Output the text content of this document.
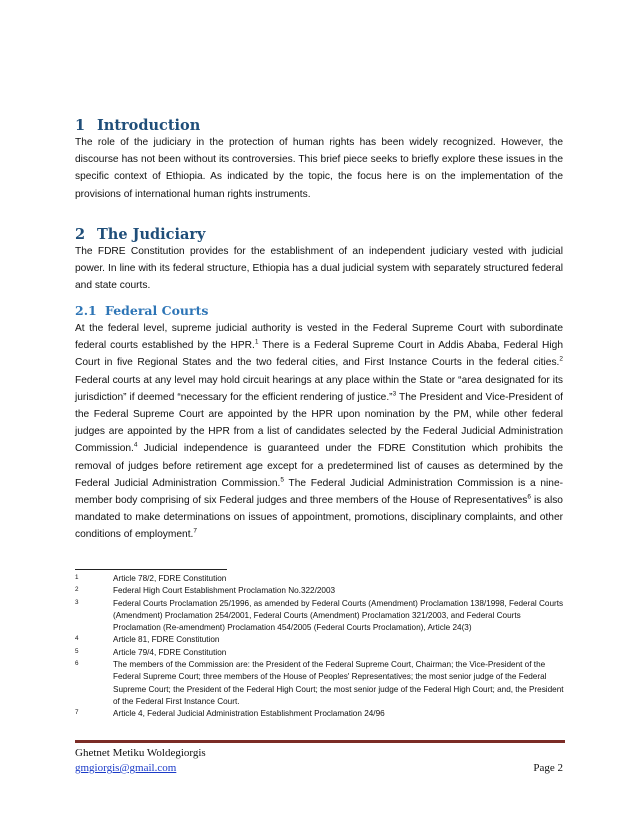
1 Introduction

The role of the judiciary in the protection of human rights has been widely recognized. However, the discourse has not been without its controversies. This brief piece seeks to briefly explore these issues in the specific context of Ethiopia. As indicated by the topic, the focus here is on the implementation of the provisions of international human rights instruments.

2 The Judiciary

The FDRE Constitution provides for the establishment of an independent judiciary vested with judicial power. In line with its federal structure, Ethiopia has a dual judicial system with separately structured federal and state courts.

2.1 Federal Courts

At the federal level, supreme judicial authority is vested in the Federal Supreme Court with subordinate federal courts established by the HPR.$^1$ There is a Federal Supreme Court in Addis Ababa, Federal High Court in five Regional States and the two federal cities, and First Instance Courts in the federal cities.$^2$ Federal courts at any level may hold circuit hearings at any place within the State or “area designated for its jurisdiction” if deemed “necessary for the efficient rendering of justice.”$^3$ The President and Vice-President of the Federal Supreme Court are appointed by the HPR upon nomination by the PM, while other federal judges are appointed by the HPR from a list of candidates selected by the Federal Judicial Administration Commission.$^4$ Judicial independence is guaranteed under the FDRE Constitution which prohibits the removal of judges before retirement age except for a predetermined list of causes as determined by the Federal Judicial Administration Commission.$^5$ The Federal Judicial Administration Commission is a nine-member body comprising of six Federal judges and three members of the House of Representatives$^6$ is also mandated to make determinations on issues of appointment, promotions, disciplinary complaints, and other conditions of employment.$^7$

1	Article 78/2, FDRE Constitution
2	Federal High Court Establishment Proclamation No.322/2003
3	Federal Courts Proclamation 25/1996, as amended by Federal Courts (Amendment) Proclamation 138/1998, Federal Courts (Amendment) Proclamation 254/2001, Federal Courts (Amendment) Proclamation 321/2003, and Federal Courts Proclamation (Re-amendment) Proclamation 454/2005 (Federal Courts Proclamation), Article 24(3)
4	Article 81, FDRE Constitution
5	Article 79/4, FDRE Constitution
6	The members of the Commission are: the President of the Federal Supreme Court, Chairman; the Vice-President of the Federal Supreme Court; three members of the House of Peoples' Representatives; the most senior judge of the Federal Supreme Court; the President of the Federal High Court; the most senior judge of the Federal High Court; and, the President of the Federal First Instance Court.
7	Article 4, Federal Judicial Administration Establishment Proclamation 24/96
Ghetnet Metiku Woldegiorgis
gmgiorgis@gmail.com	Page 2
